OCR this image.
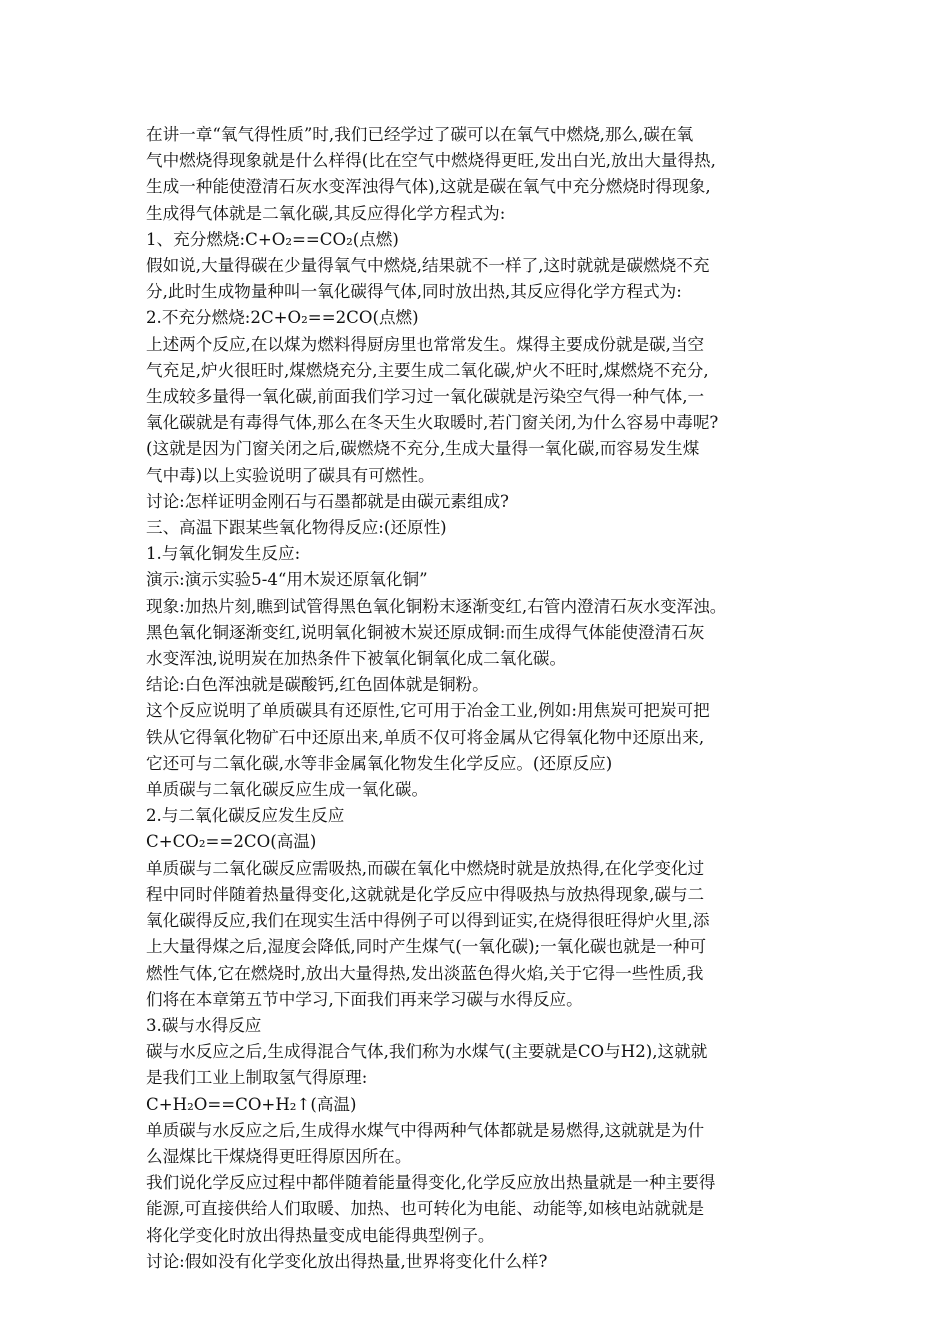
在讲一章“氧气得性质”时,我们已经学过了碳可以在氧气中燃烧,那么,碳在氧
气中燃烧得现象就是什么样得(比在空气中燃烧得更旺,发出白光,放出大量得热,
生成一种能使澄清石灰水变浑浊得气体),这就是碳在氧气中充分燃烧时得现象,
生成得气体就是二氧化碳,其反应得化学方程式为:
1、充分燃烧:C+O₂==CO₂(点燃)
假如说,大量得碳在少量得氧气中燃烧,结果就不一样了,这时就就是碳燃烧不充
分,此时生成物量种叫一氧化碳得气体,同时放出热,其反应得化学方程式为:
2.不充分燃烧:2C+O₂==2CO(点燃)
上述两个反应,在以煤为燃料得厨房里也常常发生。煤得主要成份就是碳,当空
气充足,炉火很旺时,煤燃烧充分,主要生成二氧化碳,炉火不旺时,煤燃烧不充分,
生成较多量得一氧化碳,前面我们学习过一氧化碳就是污染空气得一种气体,一
氧化碳就是有毒得气体,那么在冬天生火取暖时,若门窗关闭,为什么容易中毒呢?
(这就是因为门窗关闭之后,碳燃烧不充分,生成大量得一氧化碳,而容易发生煤
气中毒)以上实验说明了碳具有可燃性。
讨论:怎样证明金刚石与石墨都就是由碳元素组成?
三、高温下跟某些氧化物得反应:(还原性)
1.与氧化铜发生反应:
演示:演示实验5-4“用木炭还原氧化铜”
现象:加热片刻,瞧到试管得黑色氧化铜粉末逐渐变红,右管内澄清石灰水变浑浊。
黑色氧化铜逐渐变红,说明氧化铜被木炭还原成铜:而生成得气体能使澄清石灰
水变浑浊,说明炭在加热条件下被氧化铜氧化成二氧化碳。
结论:白色浑浊就是碳酸钙,红色固体就是铜粉。
这个反应说明了单质碳具有还原性,它可用于冶金工业,例如:用焦炭可把炭可把
铁从它得氧化物矿石中还原出来,单质不仅可将金属从它得氧化物中还原出来,
它还可与二氧化碳,水等非金属氧化物发生化学反应。(还原反应)
单质碳与二氧化碳反应生成一氧化碳。
2.与二氧化碳反应发生反应
C+CO₂==2CO(高温)
单质碳与二氧化碳反应需吸热,而碳在氧化中燃烧时就是放热得,在化学变化过
程中同时伴随着热量得变化,这就就是化学反应中得吸热与放热得现象,碳与二
氧化碳得反应,我们在现实生活中得例子可以得到证实,在烧得很旺得炉火里,添
上大量得煤之后,湿度会降低,同时产生煤气(一氧化碳);一氧化碳也就是一种可
燃性气体,它在燃烧时,放出大量得热,发出淡蓝色得火焰,关于它得一些性质,我
们将在本章第五节中学习,下面我们再来学习碳与水得反应。
3.碳与水得反应
碳与水反应之后,生成得混合气体,我们称为水煤气(主要就是CO与H2),这就就
是我们工业上制取氢气得原理:
C+H₂O==CO+H₂↑(高温)
单质碳与水反应之后,生成得水煤气中得两种气体都就是易燃得,这就就是为什
么湿煤比干煤烧得更旺得原因所在。
我们说化学反应过程中都伴随着能量得变化,化学反应放出热量就是一种主要得
能源,可直接供给人们取暖、加热、也可转化为电能、动能等,如核电站就就是
将化学变化时放出得热量变成电能得典型例子。
讨论:假如没有化学变化放出得热量,世界将变化什么样?
